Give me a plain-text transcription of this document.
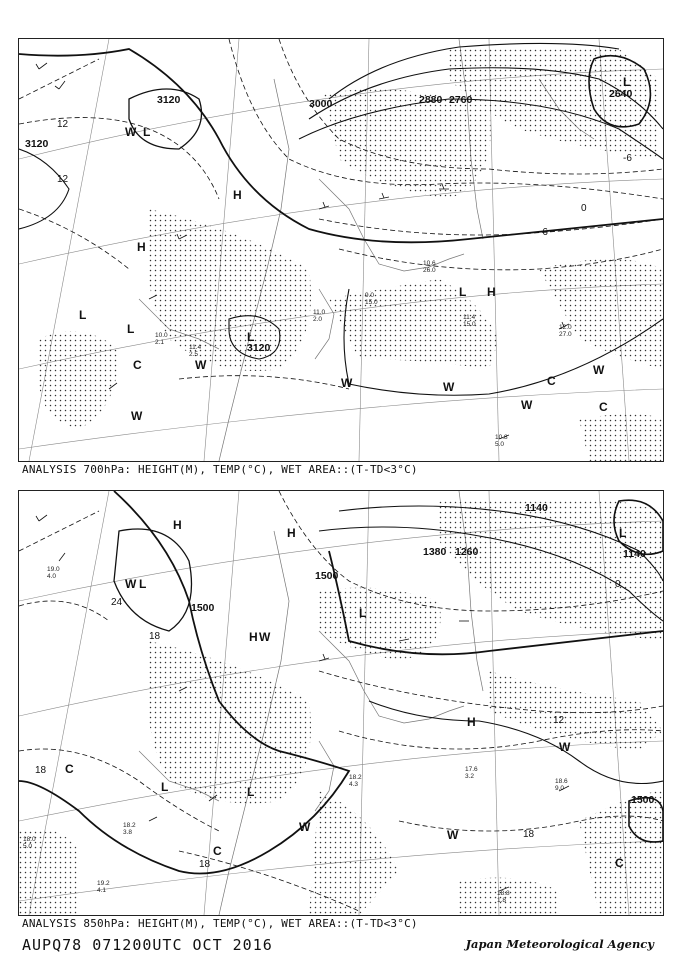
L
L
L
L
L
L
H
H
H
W
W
W	W
W
W
W
C
C
C
3000	2880 2760	2640
3120
3120
3120
12
12
-6
0
-6
11.4 15.0	12.0 27.0
10.6 26.0
9.0 15.0
10.8 5.0
11.0 2.0
10.0 2.1
11.4 2.5
ANALYSIS 700hPa: HEIGHT(M), TEMP(°C), WET AREA::(T-TD<3°C)
H
H
H
H
L
L
L
L	L
W
W
W
W
W
C
C
C
1500
1500
1500
1380 1260
1140
1140
24
18
18
18
18
12
0
18.6 9.0
17.6 3.2
18.2 4.3
18.8 1.8
19.2 4.1
18.0 5.0
18.2 3.8
19.0 4.0
ANALYSIS 850hPa: HEIGHT(M), TEMP(°C), WET AREA::(T-TD<3°C)
AUPQ78 071200UTC OCT 2016	Japan Meteorological Agency
